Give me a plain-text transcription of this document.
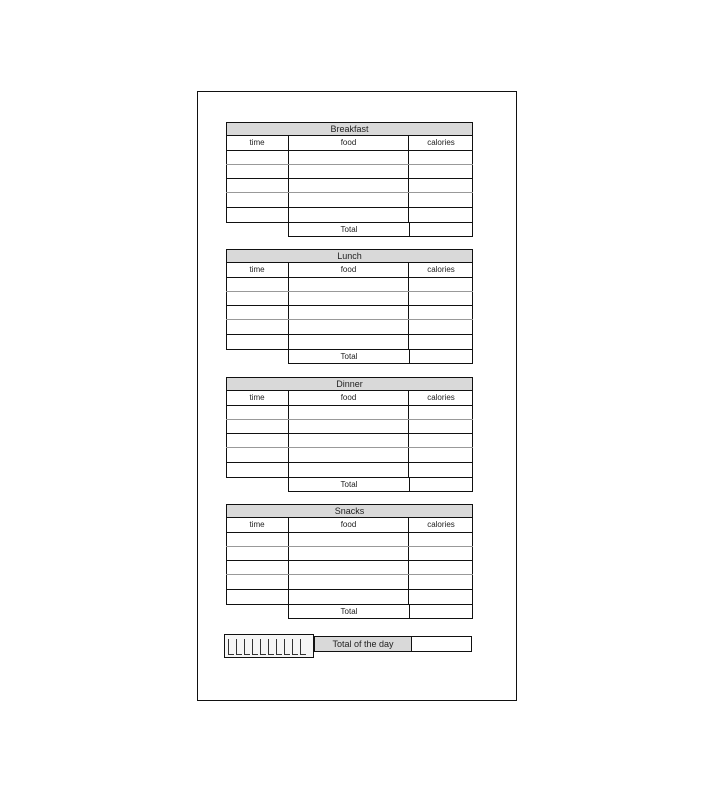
Breakfast
time	food	calories
Total
Lunch
time	food	calories
Total
Dinner
time	food	calories
Total
Snacks
time	food	calories
Total
Total of the day
